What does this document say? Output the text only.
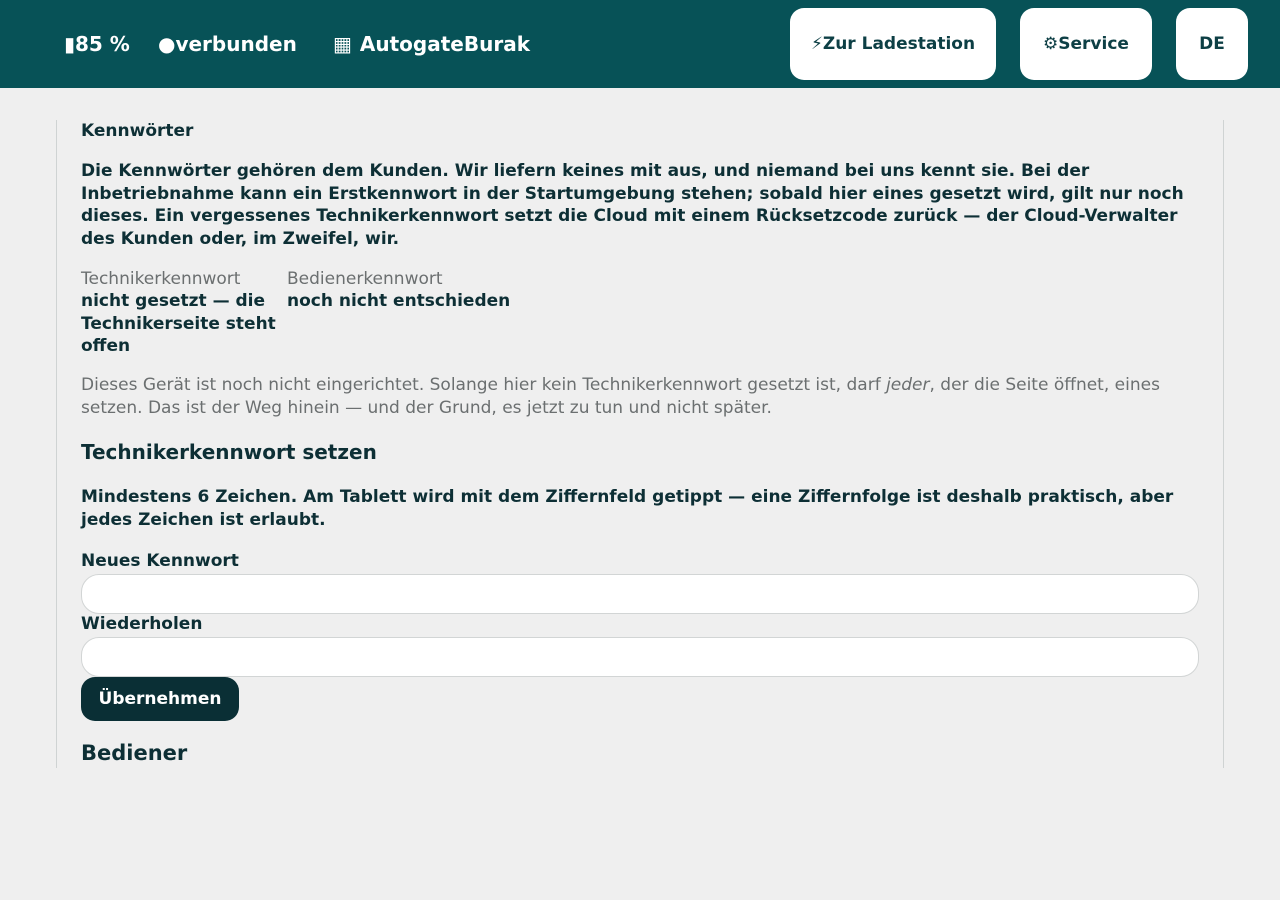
▮ 85 % ● verbunden ▦ AutogateBurak	⚡Zur Ladestation	⚙Service	DE
Kennwörter
Die Kennwörter gehören dem Kunden. Wir liefern keines mit aus, und niemand bei uns kennt sie. Bei der Inbetriebnahme kann ein Erstkennwort in der Startumgebung stehen; sobald hier eines gesetzt wird, gilt nur noch dieses. Ein vergessenes Technikerkennwort setzt die Cloud mit einem Rücksetzcode zurück — der Cloud-Verwalter des Kunden oder, im Zweifel, wir.
Technikerkennwort
nicht gesetzt — die Technikerseite steht offen
Bedienerkennwort
noch nicht entschieden
Dieses Gerät ist noch nicht eingerichtet. Solange hier kein Technikerkennwort gesetzt ist, darf jeder, der die Seite öffnet, eines setzen. Das ist der Weg hinein — und der Grund, es jetzt zu tun und nicht später.
Technikerkennwort setzen
Mindestens 6 Zeichen. Am Tablett wird mit dem Ziffernfeld getippt — eine Ziffernfolge ist deshalb praktisch, aber jedes Zeichen ist erlaubt.
Neues Kennwort
Wiederholen
Übernehmen
Bediener
